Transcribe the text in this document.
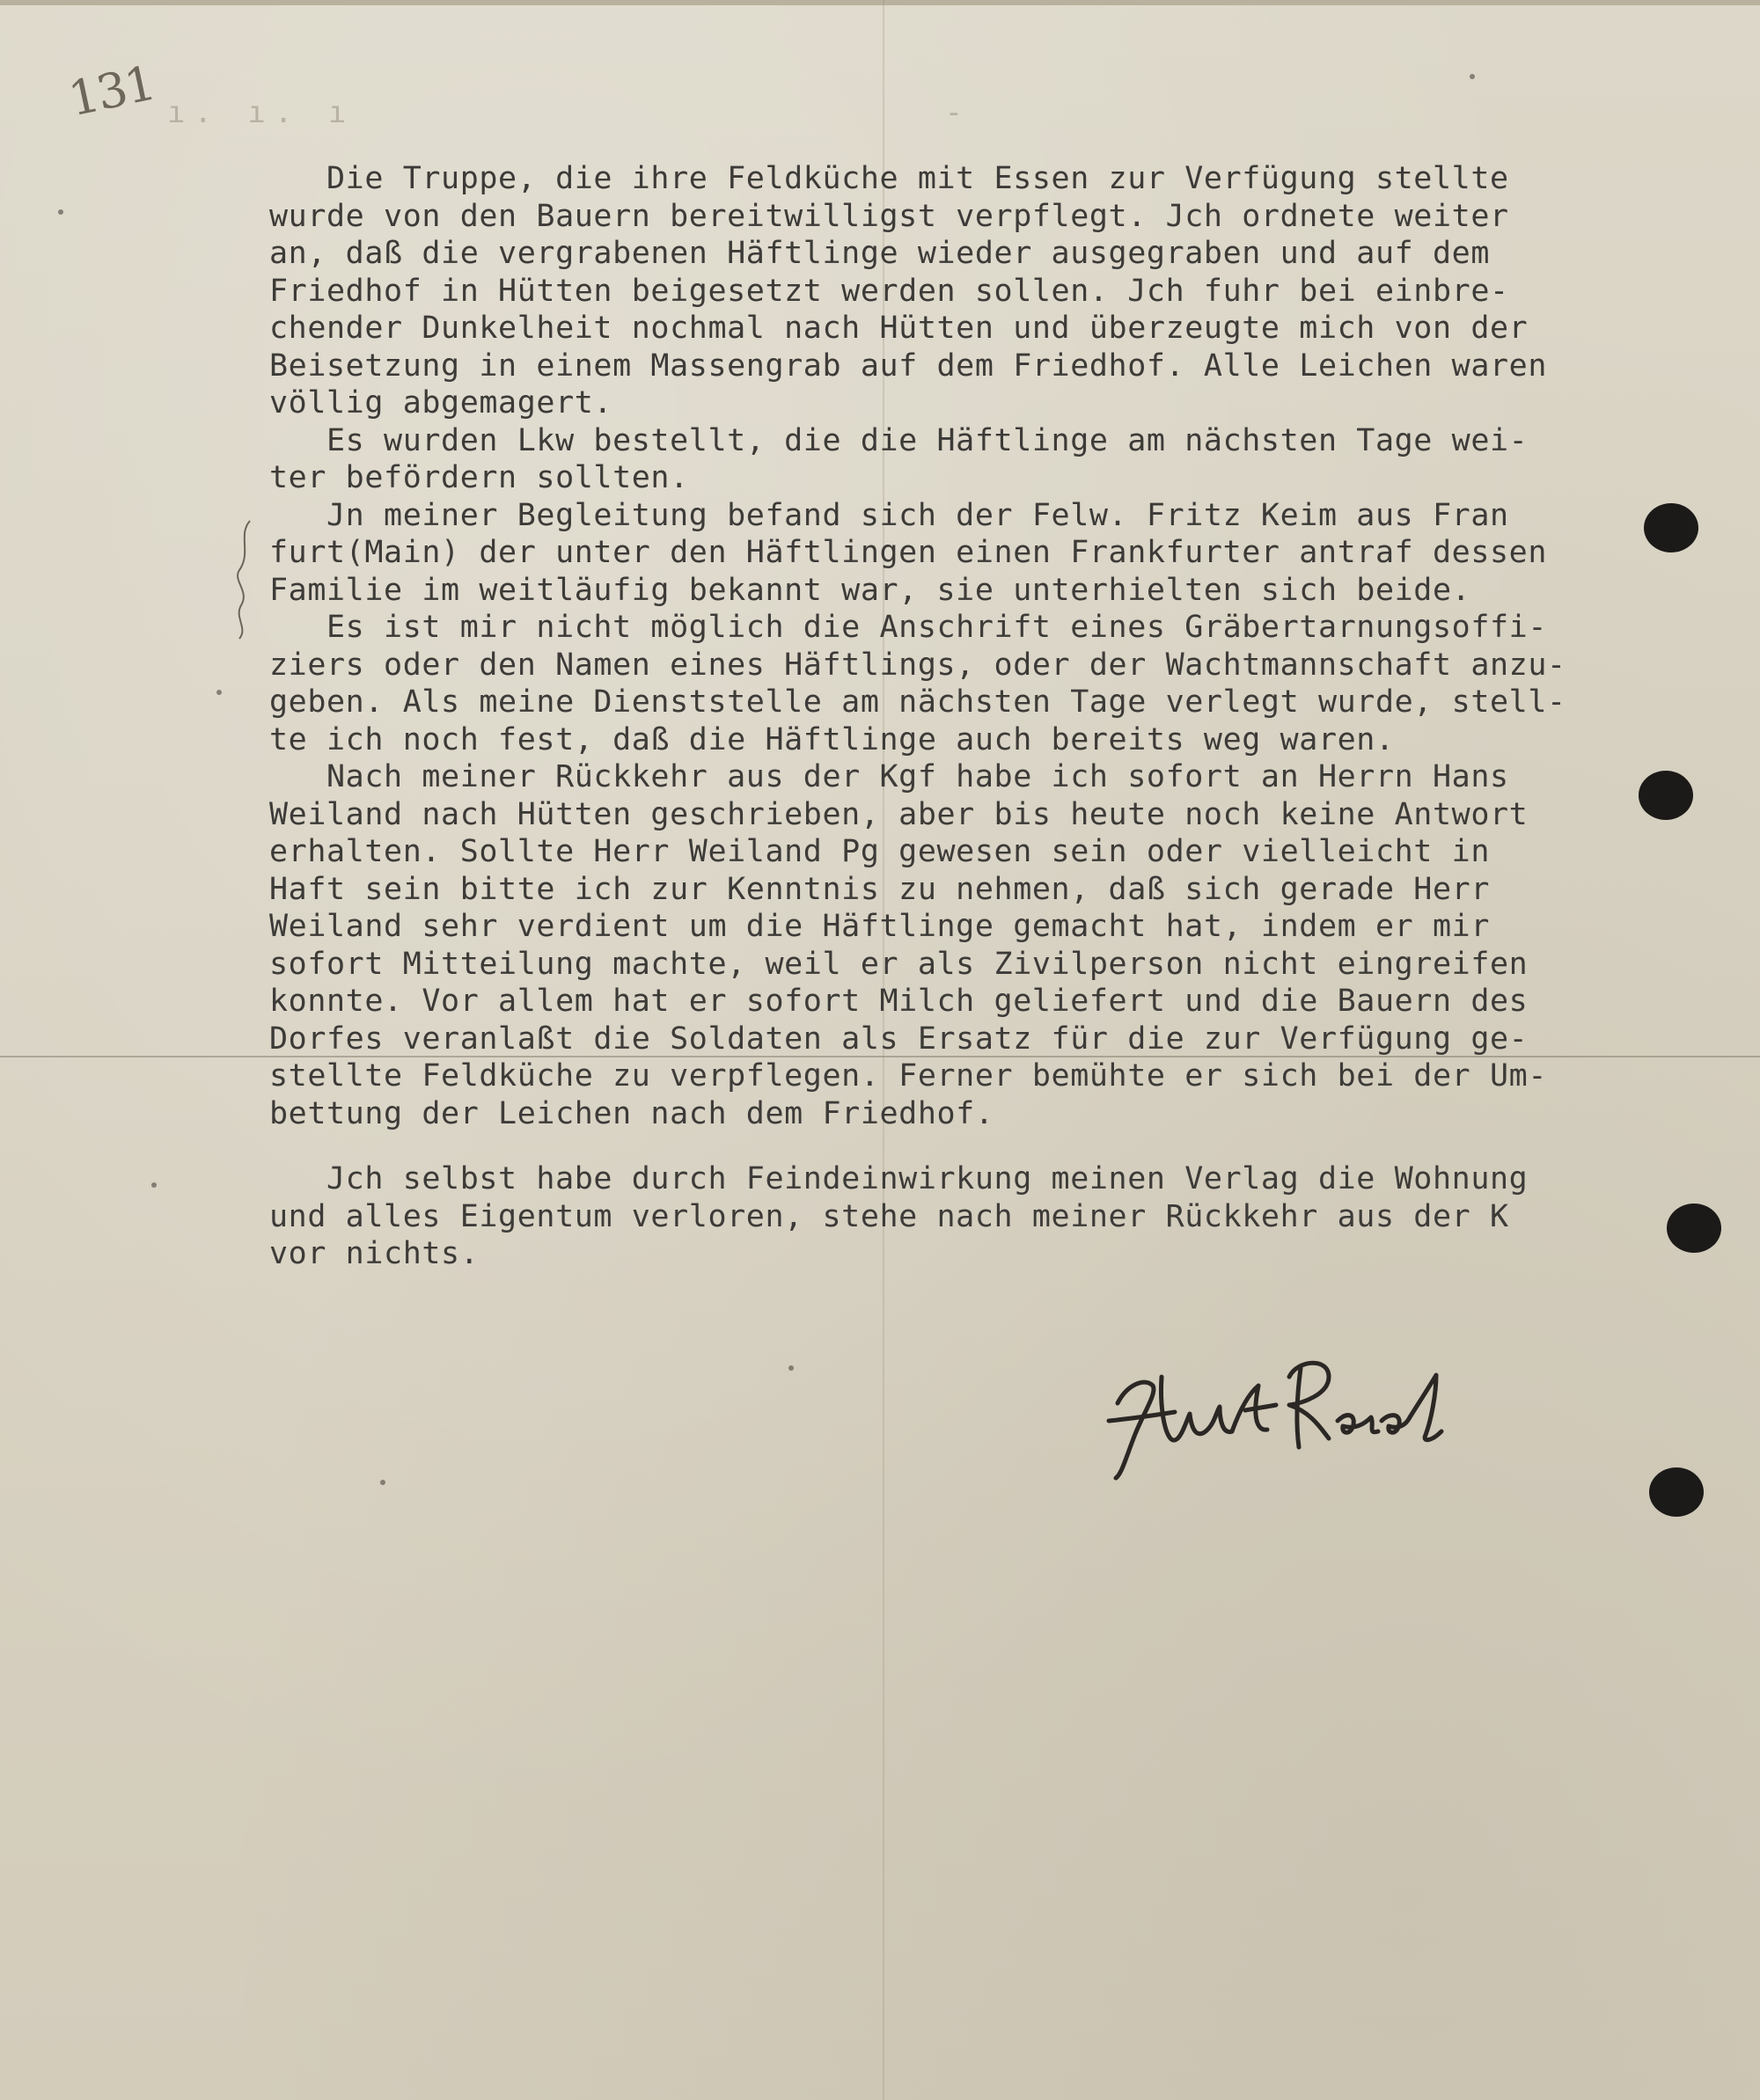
131 ı. ı. ı                      -
Die Truppe, die ihre Feldküche mit Essen zur Verfügung stellte
wurde von den Bauern bereitwilligst verpflegt. Jch ordnete weiter
an, daß die vergrabenen Häftlinge wieder ausgegraben und auf dem
Friedhof in Hütten beigesetzt werden sollen. Jch fuhr bei einbre-
chender Dunkelheit nochmal nach Hütten und überzeugte mich von der
Beisetzung in einem Massengrab auf dem Friedhof. Alle Leichen waren
völlig abgemagert.
Es wurden Lkw bestellt, die die Häftlinge am nächsten Tage wei-
ter befördern sollten.
Jn meiner Begleitung befand sich der Felw. Fritz Keim aus Fran
furt(Main) der unter den Häftlingen einen Frankfurter antraf dessen
Familie im weitläufig bekannt war, sie unterhielten sich beide.
Es ist mir nicht möglich die Anschrift eines Gräbertarnungsoffi-
ziers oder den Namen eines Häftlings, oder der Wachtmannschaft anzu-
geben. Als meine Dienststelle am nächsten Tage verlegt wurde, stell-
te ich noch fest, daß die Häftlinge auch bereits weg waren.
Nach meiner Rückkehr aus der Kgf habe ich sofort an Herrn Hans
Weiland nach Hütten geschrieben, aber bis heute noch keine Antwort
erhalten. Sollte Herr Weiland Pg gewesen sein oder vielleicht in
Haft sein bitte ich zur Kenntnis zu nehmen, daß sich gerade Herr
Weiland sehr verdient um die Häftlinge gemacht hat, indem er mir
sofort Mitteilung machte, weil er als Zivilperson nicht eingreifen
konnte. Vor allem hat er sofort Milch geliefert und die Bauern des
Dorfes veranlaßt die Soldaten als Ersatz für die zur Verfügung ge-
stellte Feldküche zu verpflegen. Ferner bemühte er sich bei der Um-
bettung der Leichen nach dem Friedhof.
Jch selbst habe durch Feindeinwirkung meinen Verlag die Wohnung
und alles Eigentum verloren, stehe nach meiner Rückkehr aus der K
vor nichts.
